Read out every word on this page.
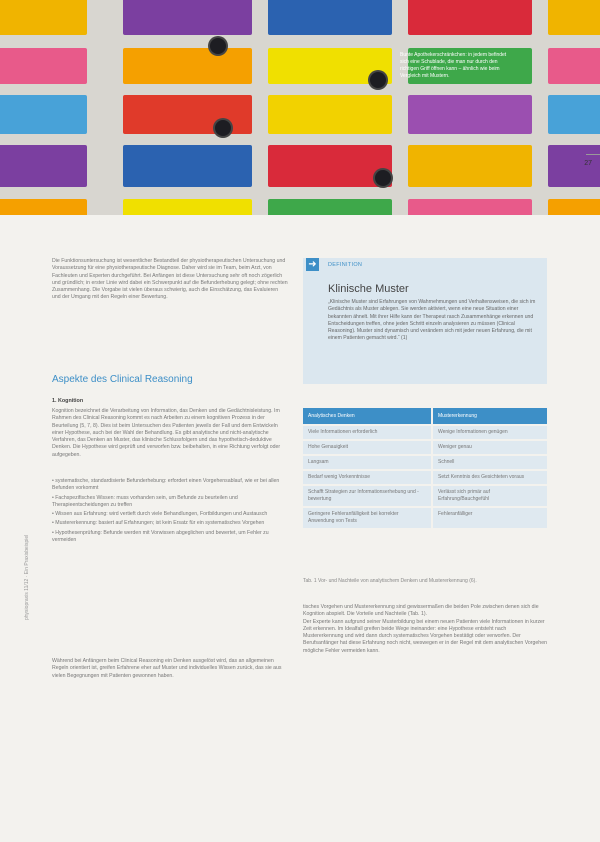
Bunte Apothekerschränkchen: in jedem befindet sich eine Schublade, die man nur durch den richtigen Griff öffnen kann – ähnlich wie beim Vergleich mit Mustern.
27
Die Funktionsuntersuchung ist wesentlicher Bestandteil der physiotherapeutischen Untersuchung und Voraussetzung für eine physiotherapeutische Diagnose. Daher wird sie im Team, beim Arzt, von Fachleuten und Experten durchgeführt. Bei Anfängen ist diese Untersuchung sehr oft noch zögerlich und gründlich; in erster Linie wird dabei ein Schwerpunkt auf die Befunderhebung gelegt; ohne rechten Zusammenhang. Die Vorgabe ist vielen überaus schwierig, auch die Einschätzung, das Evaluieren und der Umgang mit den Regeln einer Bewertung.
Aspekte des Clinical Reasoning
1. Kognition
Kognition bezeichnet die Verarbeitung von Information, das Denken und die Gedächtnisleistung. Im Rahmen des Clinical Reasoning kommt es nach Arbeiten zu einem kognitiven Prozess in der Beurteilung (5, 7, 8). Dies ist beim Untersuchen des Patienten jeweils der Fall und dem Entwickeln einer Hypothese, auch bei der Wahl der Behandlung. Es gibt analytische und nicht-analytische Verfahren, das Denken an Muster, das klinische Schlussfolgern und das hypothetisch-deduktive Denken. Die Hypothese wird geprüft und verworfen bzw. beibehalten, in eine Richtung verfolgt oder aufgegeben.
• systematische, standardisierte Befunderhebung: erfordert einen Vorgehensablauf, wie er bei allen Befunden vorkommt
• Fachspezifisches Wissen: muss vorhanden sein, um Befunde zu beurteilen und Therapieentscheidungen zu treffen
• Wissen aus Erfahrung: wird vertieft durch viele Behandlungen, Fortbildungen und Austausch
• Mustererkennung: basiert auf Erfahrungen; ist kein Ersatz für ein systematisches Vorgehen
• Hypothesenprüfung: Befunde werden mit Vorwissen abgeglichen und bewertet, um Fehler zu vermeiden
Während bei Anfängern beim Clinical Reasoning ein Denken ausgelöst wird, das an allgemeinen Regeln orientiert ist, greifen Erfahrene eher auf Muster und individuelles Wissen zurück, das sie aus vielen Begegnungen mit Patienten gewonnen haben.
➜	DEFINITION
Klinische Muster
„Klinische Muster sind Erfahrungen von Wahrnehmungen und Verhaltensweisen, die sich im Gedächtnis als Muster ablegen. Sie werden aktiviert, wenn eine neue Situation einer bekannten ähnelt. Mit ihrer Hilfe kann der Therapeut rasch Zusammenhänge erkennen und Entscheidungen treffen, ohne jeden Schritt einzeln analysieren zu müssen (Clinical Reasoning). Muster sind dynamisch und verändern sich mit jeder neuen Erfahrung, die mit einem Patienten gemacht wird.“ (1)
Analytisches Denken	Mustererkennung
Viele Informationen erforderlich	Wenige Informationen genügen
Hohe Genauigkeit	Weniger genau
Langsam	Schnell
Bedarf wenig Vorkenntnisse	Setzt Kenntnis des Gesichteten voraus
Schafft Strategien zur Informationserhebung und -bewertung	Verlässt sich primär auf Erfahrung/Bauchgefühl
Geringere Fehleranfälligkeit bei korrekter Anwendung von Tests	Fehleranfälliger
Tab. 1 Vor- und Nachteile von analytischem Denken und Mustererkennung (6).
tisches Vorgehen und Mustererkennung sind gewissermaßen die beiden Pole zwischen denen sich die Kognition abspielt. Die Vorteile und Nachteile (Tab. 1).
Der Experte kann aufgrund seiner Musterbildung bei einem neuen Patienten viele Informationen in kurzer Zeit erkennen. Im Idealfall greifen beide Wege ineinander: eine Hypothese entsteht nach Mustererkennung und wird dann durch systematisches Vorgehen bestätigt oder verworfen. Der Berufsanfänger hat diese Erfahrung noch nicht, weswegen er in der Regel mit dem analytischen Vorgehen mögliche Fehler vermeiden kann.
physiopraxis 11/12 · Ein Praxisbeispiel
